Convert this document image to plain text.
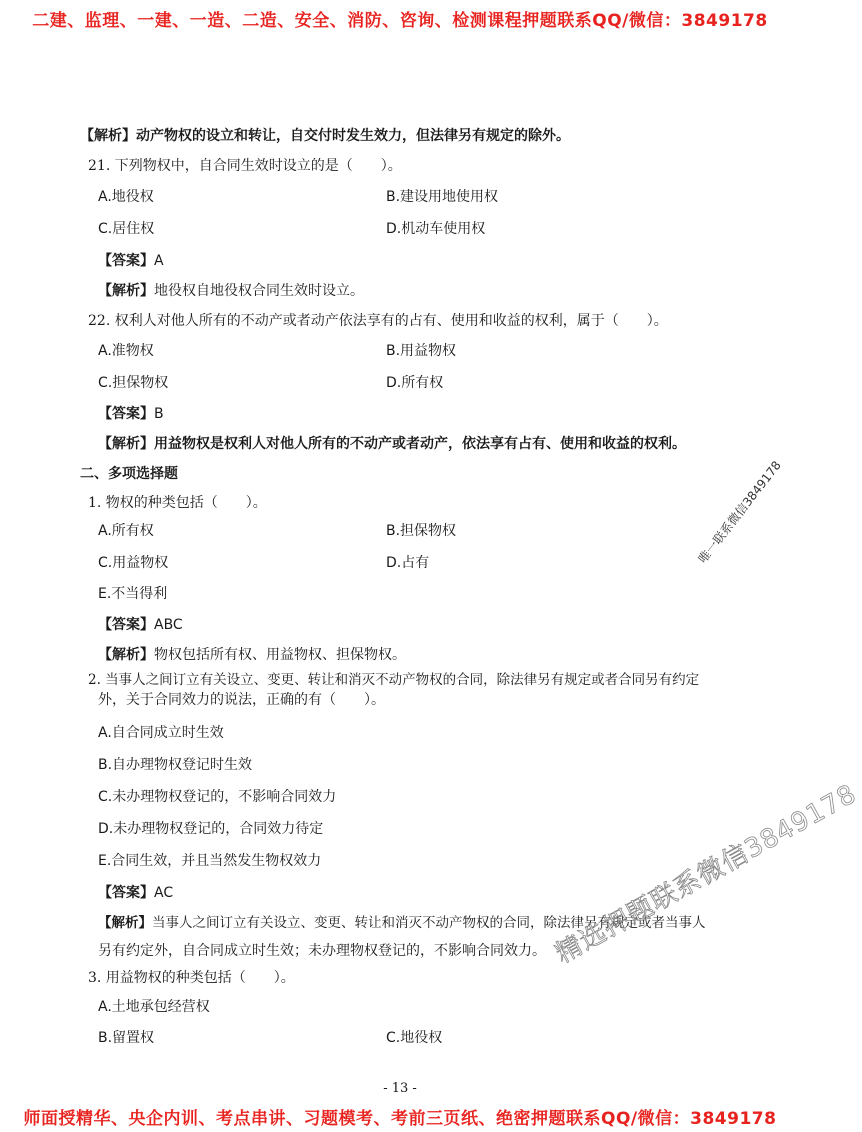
二建、监理、一建、一造、二造、安全、消防、咨询、检测课程押题联系QQ/微信：3849178
【解析】动产物权的设立和转让，自交付时发生效力，但法律另有规定的除外。
21. 下列物权中，自合同生效时设立的是（　　）。
A.地役权	B.建设用地使用权
C.居住权	D.机动车使用权
【答案】A
【解析】地役权自地役权合同生效时设立。
22. 权利人对他人所有的不动产或者动产依法享有的占有、使用和收益的权利，属于（　　）。
A.准物权	B.用益物权
C.担保物权	D.所有权
【答案】B
【解析】用益物权是权利人对他人所有的不动产或者动产，依法享有占有、使用和收益的权利。
二、多项选择题
1. 物权的种类包括（　　）。
A.所有权	B.担保物权
C.用益物权	D.占有
E.不当得利
【答案】ABC
【解析】物权包括所有权、用益物权、担保物权。
2. 当事人之间订立有关设立、变更、转让和消灭不动产物权的合同，除法律另有规定或者合同另有约定
外，关于合同效力的说法，正确的有（　　）。
A.自合同成立时生效
B.自办理物权登记时生效
C.未办理物权登记的，不影响合同效力
D.未办理物权登记的，合同效力待定
E.合同生效，并且当然发生物权效力
【答案】AC
【解析】当事人之间订立有关设立、变更、转让和消灭不动产物权的合同，除法律另有规定或者当事人
另有约定外，自合同成立时生效；未办理物权登记的，不影响合同效力。
3. 用益物权的种类包括（　　）。
A.土地承包经营权
B.留置权	C.地役权
- 13 -
唯一联系微信3849178
精选押题联系微信3849178
师面授精华、央企内训、考点串讲、习题模考、考前三页纸、绝密押题联系QQ/微信：3849178
